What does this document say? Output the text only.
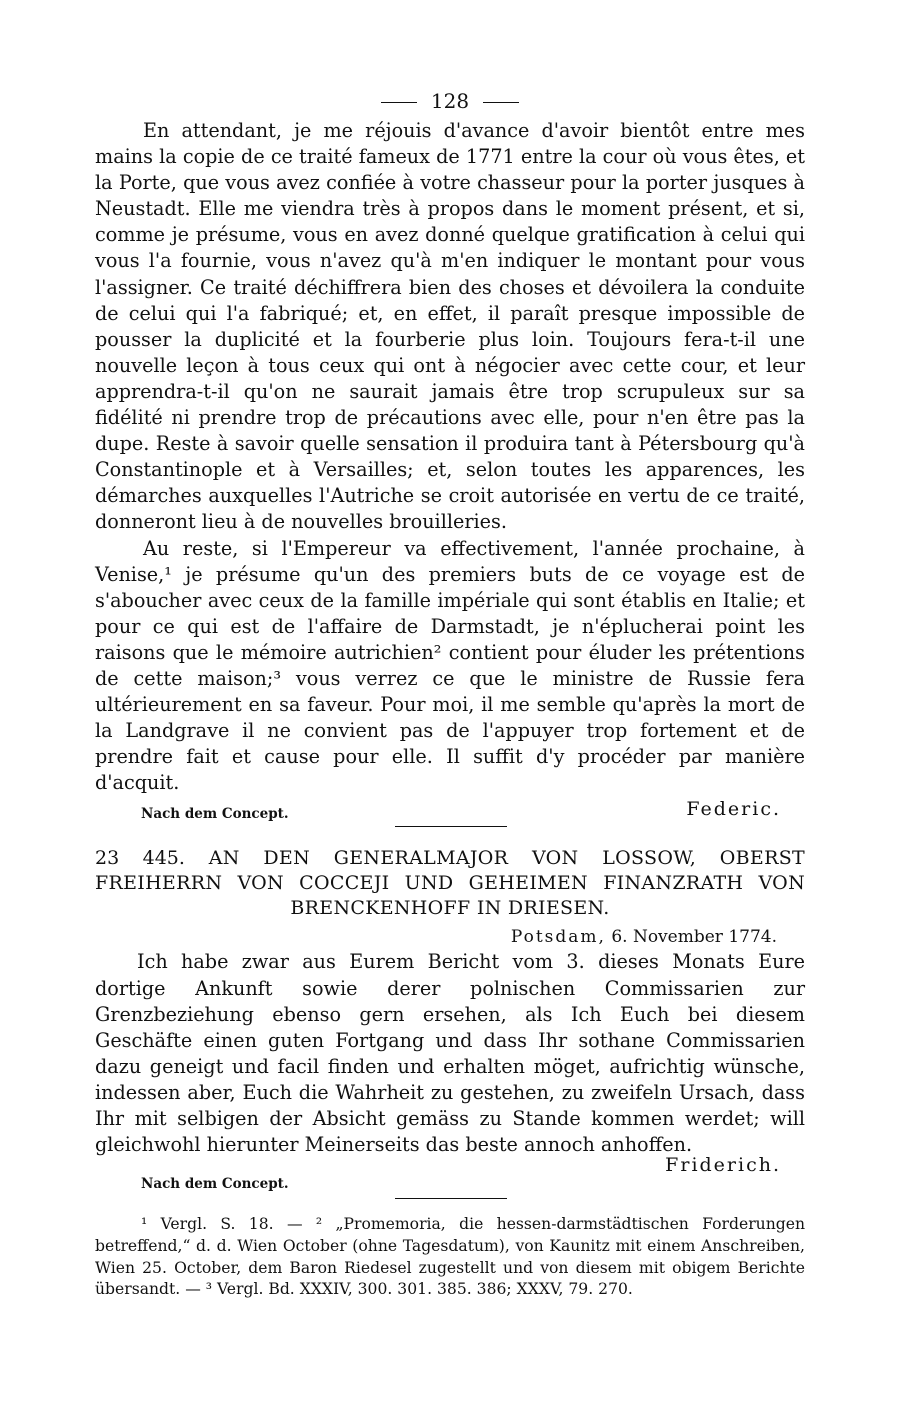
128

En attendant, je me réjouis d'avance d'avoir bientôt entre mes mains la copie de ce traité fameux de 1771 entre la cour où vous êtes, et la Porte, que vous avez confiée à votre chasseur pour la porter jusques à Neustadt. Elle me viendra très à propos dans le moment présent, et si, comme je présume, vous en avez donné quelque gratification à celui qui vous l'a fournie, vous n'avez qu'à m'en indiquer le montant pour vous l'assigner. Ce traité déchiffrera bien des choses et dévoilera la conduite de celui qui l'a fabriqué; et, en effet, il paraît presque impossible de pousser la duplicité et la fourberie plus loin. Toujours fera-t-il une nouvelle leçon à tous ceux qui ont à négocier avec cette cour, et leur apprendra-t-il qu'on ne saurait jamais être trop scrupuleux sur sa fidélité ni prendre trop de précautions avec elle, pour n'en être pas la dupe. Reste à savoir quelle sensation il produira tant à Pétersbourg qu'à Constantinople et à Versailles; et, selon toutes les apparences, les démarches auxquelles l'Autriche se croit autorisée en vertu de ce traité, donneront lieu à de nouvelles brouilleries.

Au reste, si l'Empereur va effectivement, l'année prochaine, à Venise,¹ je présume qu'un des premiers buts de ce voyage est de s'aboucher avec ceux de la famille impériale qui sont établis en Italie; et pour ce qui est de l'affaire de Darmstadt, je n'éplucherai point les raisons que le mémoire autrichien² contient pour éluder les prétentions de cette maison;³ vous verrez ce que le ministre de Russie fera ultérieurement en sa faveur. Pour moi, il me semble qu'après la mort de la Landgrave il ne convient pas de l'appuyer trop fortement et de prendre fait et cause pour elle. Il suffit d'y procéder par manière d'acquit.

Nach dem Concept.	Federic.

23 445. AN DEN GENERALMAJOR VON LOSSOW, OBERST FREIHERRN VON COCCEJI UND GEHEIMEN FINANZRATH VON BRENCKENHOFF IN DRIESEN.

Potsdam, 6. November 1774.

Ich habe zwar aus Eurem Bericht vom 3. dieses Monats Eure dortige Ankunft sowie derer polnischen Commissarien zur Grenzbeziehung ebenso gern ersehen, als Ich Euch bei diesem Geschäfte einen guten Fortgang und dass Ihr sothane Commissarien dazu geneigt und facil finden und erhalten möget, aufrichtig wünsche, indessen aber, Euch die Wahrheit zu gestehen, zu zweifeln Ursach, dass Ihr mit selbigen der Absicht gemäss zu Stande kommen werdet; will gleichwohl hierunter Meinerseits das beste annoch anhoffen.

Nach dem Concept.
Friderich.

¹ Vergl. S. 18. — ² „Promemoria, die hessen-darmstädtischen Forderungen betreffend,“ d. d. Wien October (ohne Tagesdatum), von Kaunitz mit einem Anschreiben, Wien 25. October, dem Baron Riedesel zugestellt und von diesem mit obigem Berichte übersandt. — ³ Vergl. Bd. XXXIV, 300. 301. 385. 386; XXXV, 79. 270.
